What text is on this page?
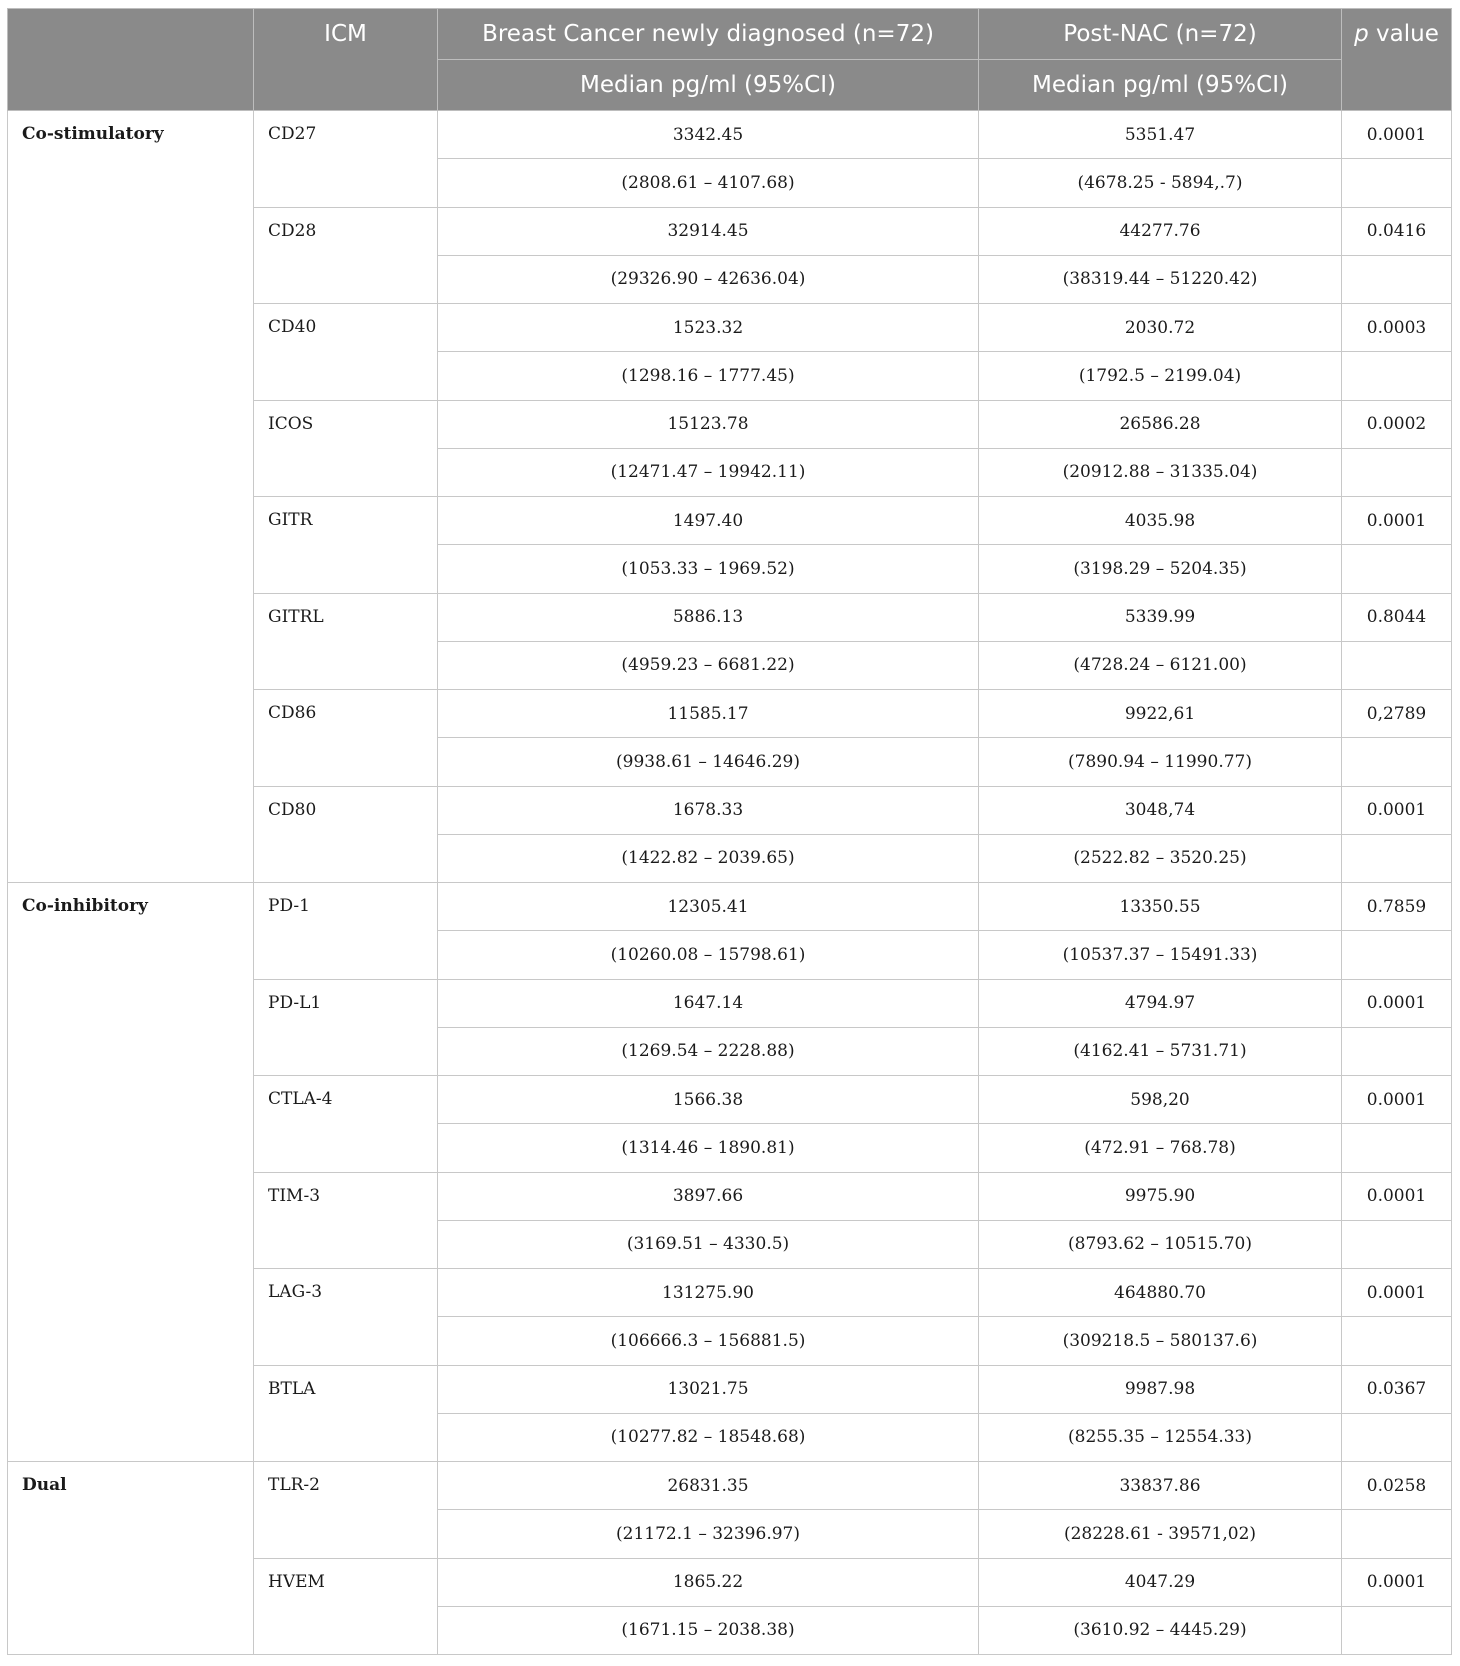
	ICM	Breast Cancer newly diagnosed (n=72)	Post-NAC (n=72)	p value
		Median pg/ml (95%CI)	Median pg/ml (95%CI)	
Co-stimulatory	CD27	3342.45	5351.47	0.0001
		(2808.61 – 4107.68)	(4678.25 - 5894,.7)	
	CD28	32914.45	44277.76	0.0416
		(29326.90 – 42636.04)	(38319.44 – 51220.42)	
	CD40	1523.32	2030.72	0.0003
		(1298.16 – 1777.45)	(1792.5 – 2199.04)	
	ICOS	15123.78	26586.28	0.0002
		(12471.47 – 19942.11)	(20912.88 – 31335.04)	
	GITR	1497.40	4035.98	0.0001
		(1053.33 – 1969.52)	(3198.29 – 5204.35)	
	GITRL	5886.13	5339.99	0.8044
		(4959.23 – 6681.22)	(4728.24 – 6121.00)	
	CD86	11585.17	9922,61	0,2789
		(9938.61 – 14646.29)	(7890.94 – 11990.77)	
	CD80	1678.33	3048,74	0.0001
		(1422.82 – 2039.65)	(2522.82 – 3520.25)	
Co-inhibitory	PD-1	12305.41	13350.55	0.7859
		(10260.08 – 15798.61)	(10537.37 – 15491.33)	
	PD-L1	1647.14	4794.97	0.0001
		(1269.54 – 2228.88)	(4162.41 – 5731.71)	
	CTLA-4	1566.38	598,20	0.0001
		(1314.46 – 1890.81)	(472.91 – 768.78)	
	TIM-3	3897.66	9975.90	0.0001
		(3169.51 – 4330.5)	(8793.62 – 10515.70)	
	LAG-3	131275.90	464880.70	0.0001
		(106666.3 – 156881.5)	(309218.5 – 580137.6)	
	BTLA	13021.75	9987.98	0.0367
		(10277.82 – 18548.68)	(8255.35 – 12554.33)	
Dual	TLR-2	26831.35	33837.86	0.0258
		(21172.1 – 32396.97)	(28228.61 - 39571,02)	
	HVEM	1865.22	4047.29	0.0001
		(1671.15 – 2038.38)	(3610.92 – 4445.29)	
